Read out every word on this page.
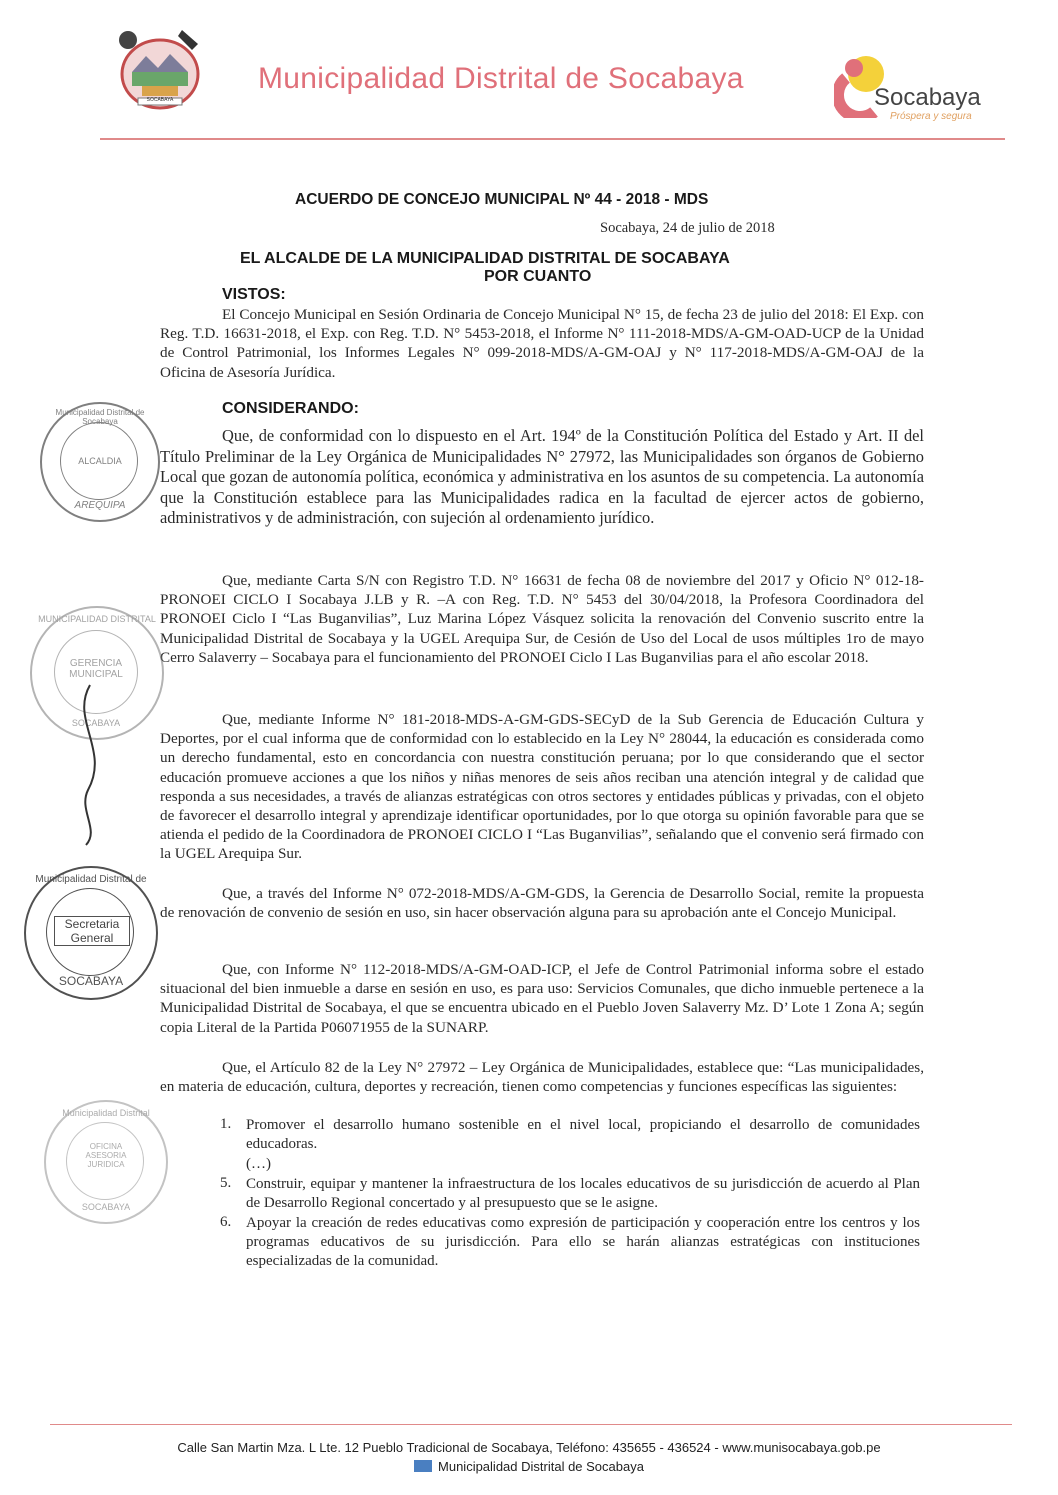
SOCABAYA
Municipalidad Distrital de Socabaya
Socabaya
Próspera y segura
ACUERDO DE CONCEJO MUNICIPAL Nº 44 - 2018 - MDS
Socabaya, 24 de julio de 2018
EL ALCALDE DE LA MUNICIPALIDAD DISTRITAL DE SOCABAYA
POR CUANTO
VISTOS:
El Concejo Municipal en Sesión Ordinaria de Concejo Municipal N° 15, de fecha 23 de julio del 2018: El Exp. con Reg. T.D. 16631-2018, el Exp. con Reg. T.D. N° 5453-2018, el Informe N° 111-2018-MDS/A-GM-OAD-UCP de la Unidad de Control Patrimonial, los Informes Legales N° 099-2018-MDS/A-GM-OAJ y N° 117-2018-MDS/A-GM-OAJ de la Oficina de Asesoría Jurídica.
CONSIDERANDO:
Que, de conformidad con lo dispuesto en el Art. 194º de la Constitución Política del Estado y Art. II del Título Preliminar de la Ley Orgánica de Municipalidades N° 27972, las Municipalidades son órganos de Gobierno Local que gozan de autonomía política, económica y administrativa en los asuntos de su competencia. La autonomía que la Constitución establece para las Municipalidades radica en la facultad de ejercer actos de gobierno, administrativos y de administración, con sujeción al ordenamiento jurídico.
Que, mediante Carta S/N con Registro T.D. N° 16631 de fecha 08 de noviembre del 2017 y Oficio N° 012-18-PRONOEI CICLO I Socabaya J.LB y R. –A con Reg. T.D. N° 5453 del 30/04/2018, la Profesora Coordinadora del PRONOEI Ciclo I “Las Buganvilias”, Luz Marina López Vásquez solicita la renovación del Convenio suscrito entre la Municipalidad Distrital de Socabaya y la UGEL Arequipa Sur, de Cesión de Uso del Local de usos múltiples 1ro de mayo Cerro Salaverry – Socabaya para el funcionamiento del PRONOEI Ciclo I Las Buganvilias para el año escolar 2018.
Que, mediante Informe N° 181-2018-MDS-A-GM-GDS-SECyD de la Sub Gerencia de Educación Cultura y Deportes, por el cual informa que de conformidad con lo establecido en la Ley N° 28044, la educación es considerada como un derecho fundamental, esto en concordancia con nuestra constitución peruana; por lo que considerando que el sector educación promueve acciones a que los niños y niñas menores de seis años reciban una atención integral y de calidad que responda a sus necesidades, a través de alianzas estratégicas con otros sectores y entidades públicas y privadas, con el objeto de favorecer el desarrollo integral y aprendizaje identificar oportunidades, por lo que otorga su opinión favorable para que se atienda el pedido de la Coordinadora de PRONOEI CICLO I “Las Buganvilias”, señalando que el convenio será firmado con la UGEL Arequipa Sur.
Que, a través del Informe N° 072-2018-MDS/A-GM-GDS, la Gerencia de Desarrollo Social, remite la propuesta de renovación de convenio de sesión en uso, sin hacer observación alguna para su aprobación ante el Concejo Municipal.
Que, con Informe N° 112-2018-MDS/A-GM-OAD-ICP, el Jefe de Control Patrimonial informa sobre el estado situacional del bien inmueble a darse en sesión en uso, es para uso: Servicios Comunales, que dicho inmueble pertenece a la Municipalidad Distrital de Socabaya, el que se encuentra ubicado en el Pueblo Joven Salaverry Mz. D’ Lote 1 Zona A; según copia Literal de la Partida P06071955 de la SUNARP.
Que, el Artículo 82 de la Ley N° 27972 – Ley Orgánica de Municipalidades, establece que: “Las municipalidades, en materia de educación, cultura, deportes y recreación, tienen como competencias y funciones específicas las siguientes:
1. Promover el desarrollo humano sostenible en el nivel local, propiciando el desarrollo de comunidades educadoras.
(…)
5. Construir, equipar y mantener la infraestructura de los locales educativos de su jurisdicción de acuerdo al Plan de Desarrollo Regional concertado y al presupuesto que se le asigne.
6. Apoyar la creación de redes educativas como expresión de participación y cooperación entre los centros y los programas educativos de su jurisdicción. Para ello se harán alianzas estratégicas con instituciones especializadas de la comunidad.
Municipalidad Distrital de Socabaya
ALCALDIA
AREQUIPA
MUNICIPALIDAD DISTRITAL
GERENCIA MUNICIPAL
SOCABAYA
Municipalidad Distrital de
Secretaria General
SOCABAYA
Municipalidad Distrital
OFICINA ASESORIA JURIDICA
SOCABAYA
Calle San Martin Mza. L Lte. 12 Pueblo Tradicional de Socabaya, Teléfono: 435655 - 436524 - www.munisocabaya.gob.pe
Municipalidad Distrital de Socabaya
